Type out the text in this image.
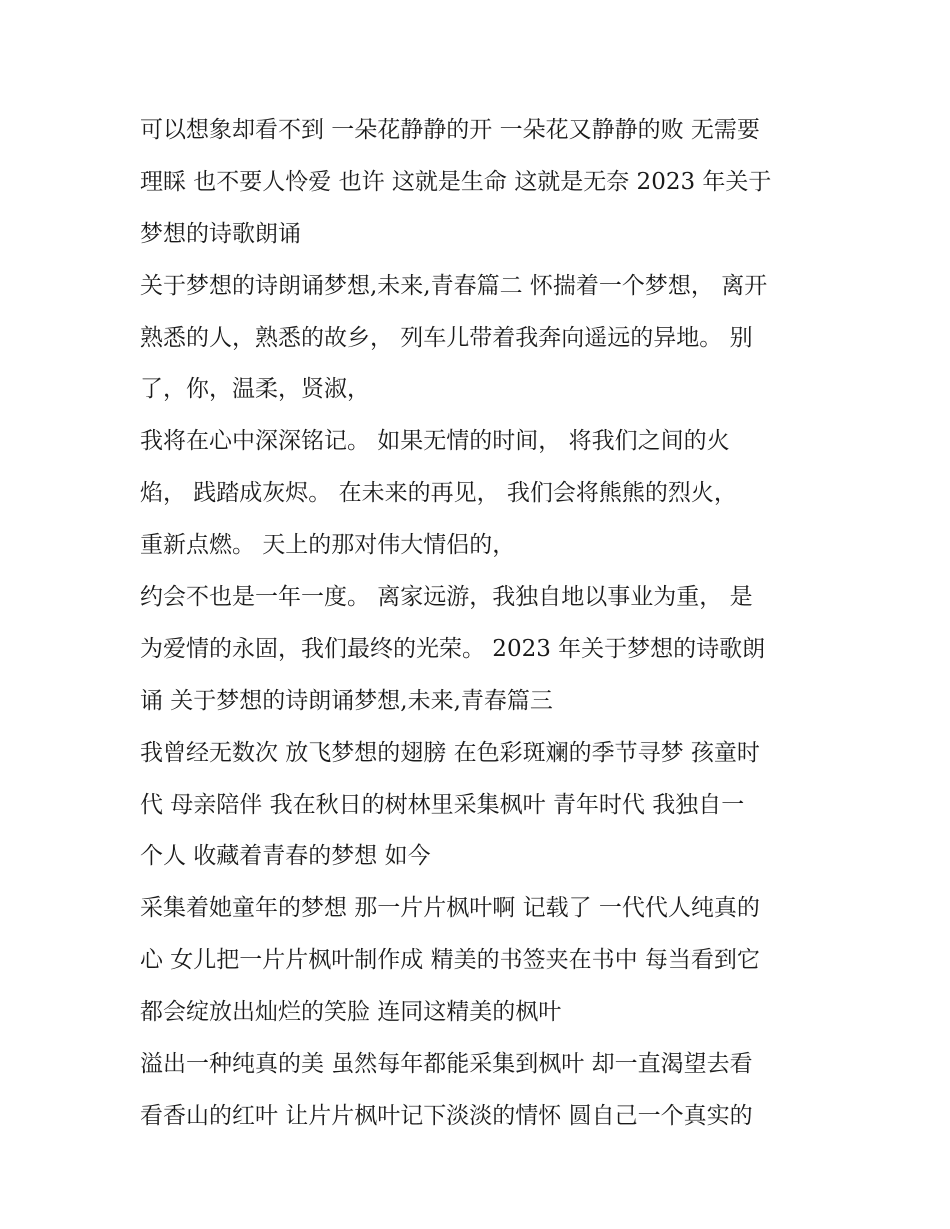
可以想象却看不到 一朵花静静的开 一朵花又静静的败 无需要
理睬 也不要人怜爱 也许 这就是生命 这就是无奈 2023 年关于
梦想的诗歌朗诵
关于梦想的诗朗诵梦想,未来,青春篇二 怀揣着一个梦想， 离开
熟悉的人，熟悉的故乡， 列车儿带着我奔向遥远的异地。 别
了，你，温柔，贤淑，
我将在心中深深铭记。 如果无情的时间， 将我们之间的火
焰， 践踏成灰烬。 在未来的再见， 我们会将熊熊的烈火，
重新点燃。 天上的那对伟大情侣的，
约会不也是一年一度。 离家远游，我独自地以事业为重， 是
为爱情的永固，我们最终的光荣。 2023 年关于梦想的诗歌朗
诵 关于梦想的诗朗诵梦想,未来,青春篇三
我曾经无数次 放飞梦想的翅膀 在色彩斑斓的季节寻梦 孩童时
代 母亲陪伴 我在秋日的树林里采集枫叶 青年时代 我独自一
个人 收藏着青春的梦想 如今
采集着她童年的梦想 那一片片枫叶啊 记载了 一代代人纯真的
心 女儿把一片片枫叶制作成 精美的书签夹在书中 每当看到它
都会绽放出灿烂的笑脸 连同这精美的枫叶
溢出一种纯真的美 虽然每年都能采集到枫叶 却一直渴望去看
看香山的红叶 让片片枫叶记下淡淡的情怀 圆自己一个真实的
